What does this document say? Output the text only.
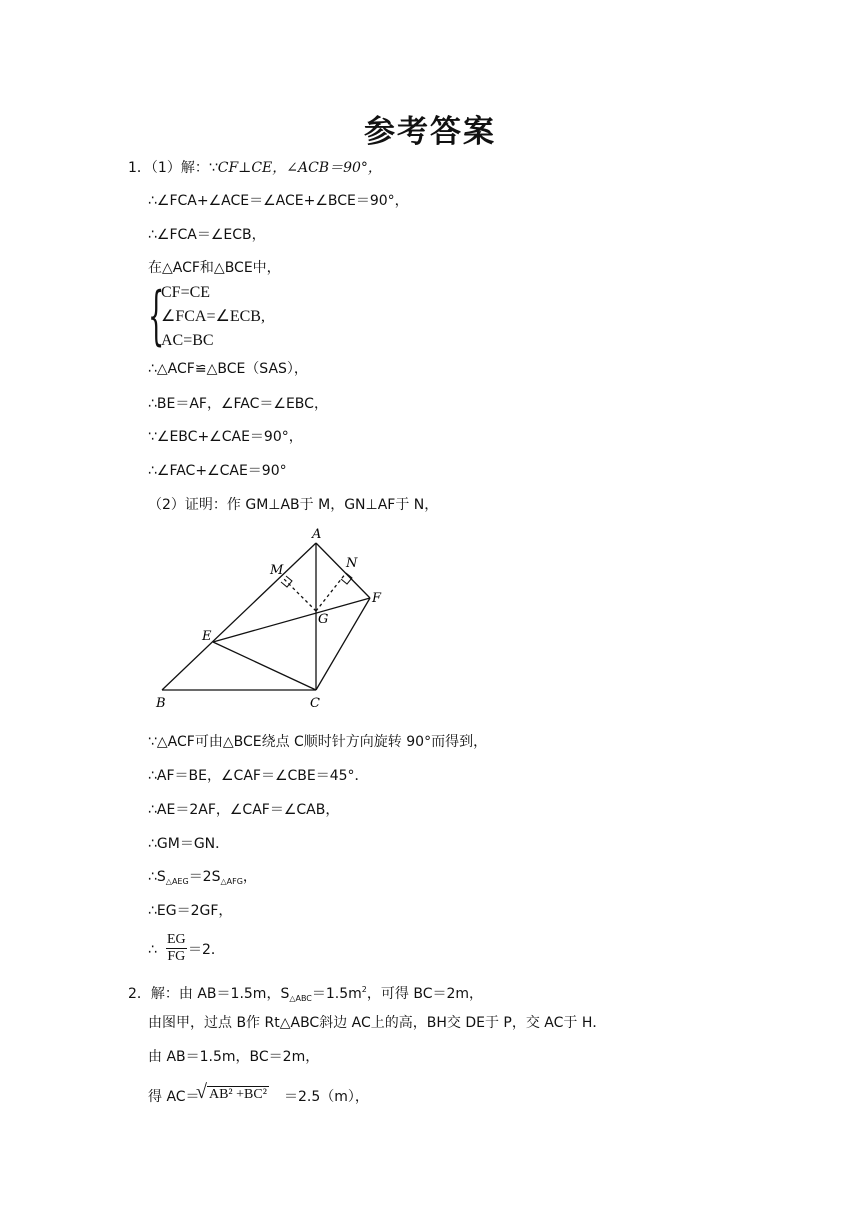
参考答案
1．（1）解：∵CF⊥CE，∠ACB＝90°，
∴∠FCA+∠ACE＝∠ACE+∠BCE＝90°，
∴∠FCA＝∠ECB，
在△ACF和△BCE中，
{
CF=CE
∠FCA=∠ECB,
AC=BC
∴△ACF≌△BCE（SAS），
∴BE＝AF，∠FAC＝∠EBC，
∵∠EBC+∠CAE＝90°，
∴∠FAC+∠CAE＝90°
（2）证明：作 GM⊥AB于 M，GN⊥AF于 N，
A
M	N
F
G
E
B	C
∵△ACF可由△BCE绕点 C顺时针方向旋转 90°而得到，
∴AF＝BE，∠CAF＝∠CBE＝45°．
∴AE＝2AF，∠CAF＝∠CAB，
∴GM＝GN．
$\therefore S_{\triangle AEG}=2S_{\triangle AFG}$，
∴EG＝2GF，
∴ $\frac{EG}{FG} =2$．
2．解：由 AB＝1.5m，$S_{\triangle ABC}=1.5m^2$，可得 BC＝2m，
由图甲，过点 B作 Rt△ABC斜边 AC上的高，BH交 DE于 P，交 AC于 H．
由 AB＝1.5m，BC＝2m，
得 AC＝
√ AB² +BC² ＝2.5（m），
